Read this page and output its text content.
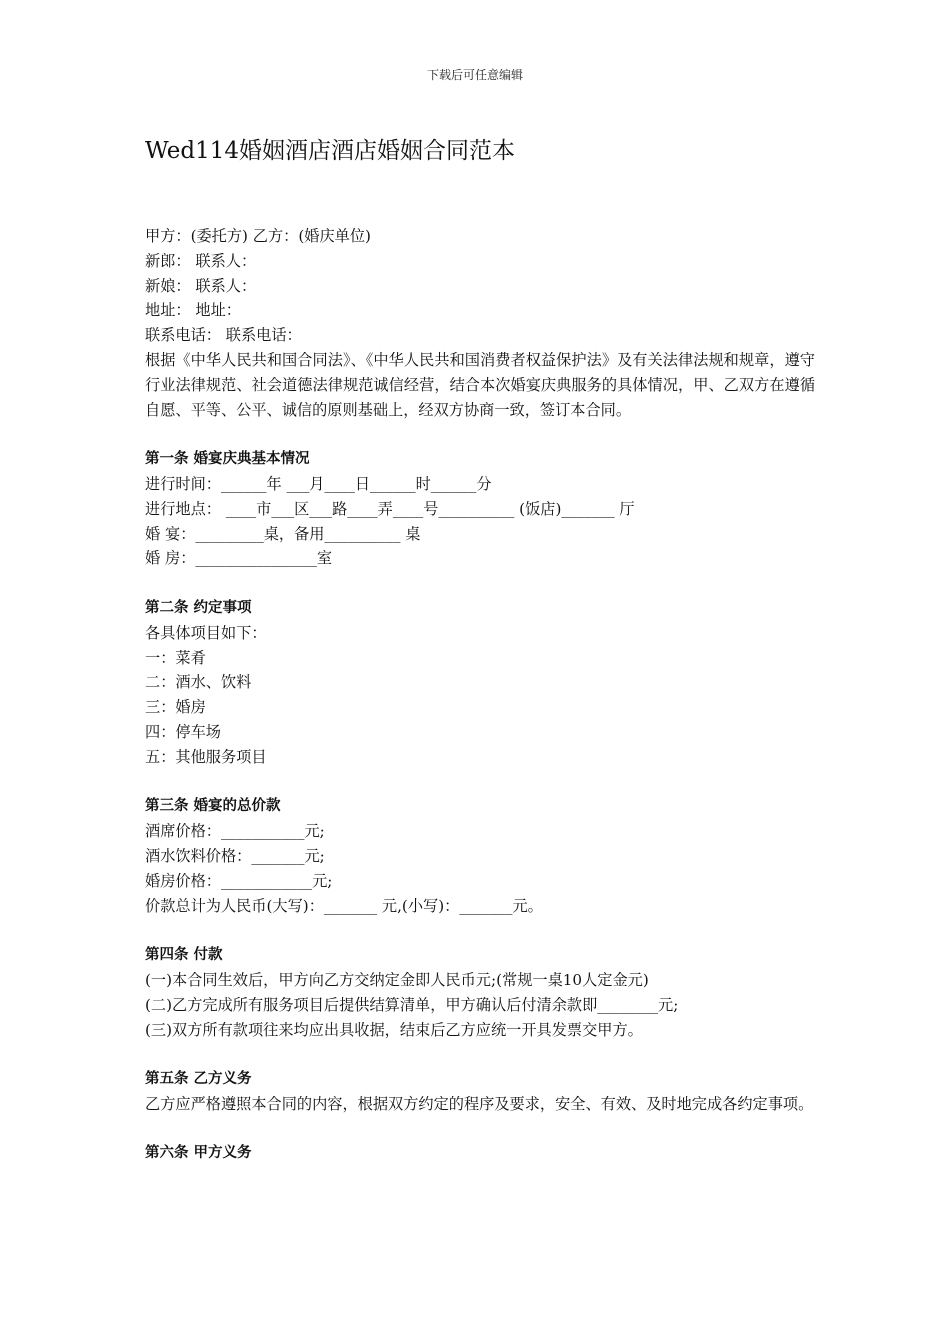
下载后可任意编辑
Wed114婚姻酒店酒店婚姻合同范本
甲方：(委托方) 乙方：(婚庆单位)
新郎： 联系人：
新娘： 联系人：
地址： 地址：
联系电话： 联系电话：
根据《中华人民共和国合同法》、《中华人民共和国消费者权益保护法》及有关法律法规和规章，遵守行业法律规范、社会道德法律规范诚信经营，结合本次婚宴庆典服务的具体情况，甲、乙双方在遵循自愿、平等、公平、诚信的原则基础上，经双方协商一致，签订本合同。
第一条 婚宴庆典基本情况
进行时间：______年 ___月____日______时______分
进行地点： ____市___区___路____弄____号__________ (饭店)_______ 厅
婚 宴：_________桌，备用__________ 桌
婚 房：________________室
第二条 约定事项
各具体项目如下：
一：菜肴
二：酒水、饮料
三：婚房
四：停车场
五：其他服务项目
第三条 婚宴的总价款
酒席价格：___________元;
酒水饮料价格：_______元;
婚房价格：____________元;
价款总计为人民币(大写)：_______ 元,(小写)：_______元。
第四条 付款
(一)本合同生效后，甲方向乙方交纳定金即人民币元;(常规一桌10人定金元)
(二)乙方完成所有服务项目后提供结算清单，甲方确认后付清余款即________元;
(三)双方所有款项往来均应出具收据，结束后乙方应统一开具发票交甲方。
第五条 乙方义务
乙方应严格遵照本合同的内容，根据双方约定的程序及要求，安全、有效、及时地完成各约定事项。
第六条 甲方义务
